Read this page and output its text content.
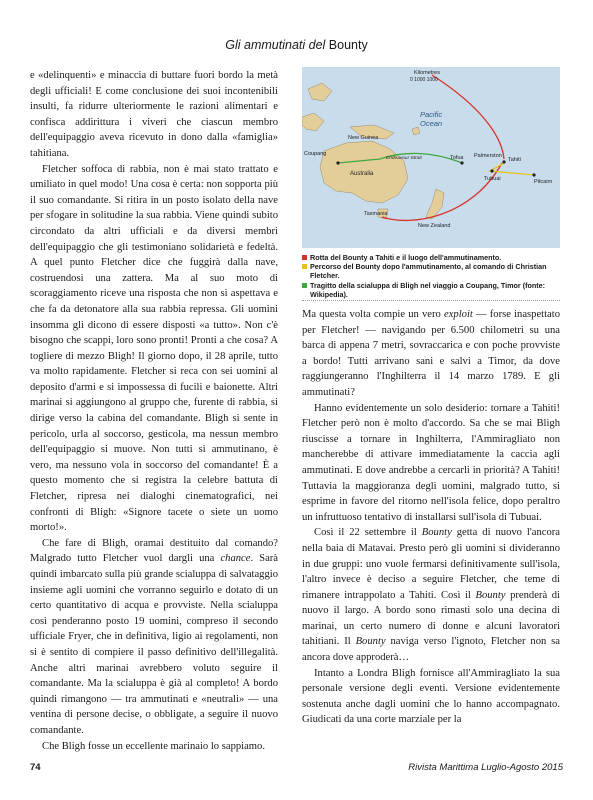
Gli ammutinati del Bounty

e «delinquenti» e minaccia di buttare fuori bordo la metà degli ufficiali! E come conclusione dei suoi incontenibili insulti, fa ridurre ulteriormente le razioni alimentari e confisca addirittura i viveri che ciascun membro dell'equipaggio aveva ricevuto in dono dalla «famiglia» tahitiana.

Fletcher soffoca di rabbia, non è mai stato trattato e umiliato in quel modo! Una cosa è certa: non sopporta più il suo comandante. Si ritira in un posto isolato della nave per sfogare in solitudine la sua rabbia. Viene quindi subito circondato da altri ufficiali e da diversi membri dell'equipaggio che gli testimoniano solidarietà e fedeltà. A quel punto Fletcher dice che fuggirà dalla nave, costruendosi una zattera. Ma al suo moto di scoraggiamento riceve una risposta che non si aspettava e che fa da detonatore alla sua rabbia repressa. Gli uomini insomma gli dicono di essere disposti «a tutto». Non c'è bisogno che scappi, loro sono pronti! Pronti a che cosa? A togliere di mezzo Bligh! Il giorno dopo, il 28 aprile, tutto va molto rapidamente. Fletcher si reca con sei uomini al deposito d'armi e si impossessa di fucili e baionette. Altri marinai si aggiungono al gruppo che, furente di rabbia, si dirige verso la cabina del comandante. Bligh si sente in pericolo, urla al soccorso, gesticola, ma nessun membro dell'equipaggio si muove. Non tutti si ammutinano, è vero, ma nessuno vola in soccorso del comandante! È a questo momento che si registra la celebre battuta di Fletcher, ripresa nei dialoghi cinematografici, nei confronti di Bligh: «Signore tacete o siete un uomo morto!».

Che fare di Bligh, oramai destituito dal comando? Malgrado tutto Fletcher vuol dargli una chance. Sarà quindi imbarcato sulla più grande scialuppa di salvataggio insieme agli uomini che vorranno seguirlo e dotato di un certo quantitativo di acqua e provviste. Nella scialuppa così penderanno posto 19 uomini, compreso il secondo ufficiale Fryer, che in definitiva, ligio ai regolamenti, non si è sentito di compiere il passo definitivo dell'illegalità. Anche altri marinai avrebbero voluto seguire il comandante. Ma la scialuppa è già al completo! A bordo quindi rimangono — tra ammutinati e «neutrali» — una ventina di persone decise, o obbligate, a seguire il nuovo comandante.

Che Bligh fosse un eccellente marinaio lo sappiamo.

Kilometres
0 1000 1000
Pacific
Ocean
New Guinea
Coupang
Australia
Endeavour Strait	Tofua Palmerston
Tahiti
Tubuai	Pitcairn
Tasmania
New Zealand
Rotta del Bounty a Tahiti e il luogo dell'ammutinamento.
Percorso del Bounty dopo l'ammutinamento, al comando di Christian Fletcher.
Tragitto della scialuppa di Bligh nel viaggio a Coupang, Timor (fonte: Wikipedia).

Ma questa volta compie un vero exploit — forse inaspettato per Fletcher! — navigando per 6.500 chilometri su una barca di appena 7 metri, sovraccarica e con poche provviste a bordo! Tutti arrivano sani e salvi a Timor, da dove raggiungeranno l'Inghilterra il 14 marzo 1789. E gli ammutinati?

Hanno evidentemente un solo desiderio: tornare a Tahiti! Fletcher però non è molto d'accordo. Sa che se mai Bligh riuscisse a tornare in Inghilterra, l'Ammiragliato non mancherebbe di attivare immediatamente la caccia agli ammutinati. E dove andrebbe a cercarli in priorità? A Tahiti! Tuttavia la maggioranza degli uomini, malgrado tutto, si esprime in favore del ritorno nell'isola felice, dopo peraltro un infruttuoso tentativo di installarsi sull'isola di Tubuai.

Così il 22 settembre il Bounty getta di nuovo l'ancora nella baia di Matavai. Presto però gli uomini si divideranno in due gruppi: uno vuole fermarsi definitivamente sull'isola, l'altro invece è deciso a seguire Fletcher, che teme di rimanere intrappolato a Tahiti. Così il Bounty prenderà di nuovo il largo. A bordo sono rimasti solo una decina di marinai, un certo numero di donne e alcuni lavoratori tahitiani. Il Bounty naviga verso l'ignoto, Fletcher non sa ancora dove approderà…

Intanto a Londra Bligh fornisce all'Ammiragliato la sua personale versione degli eventi. Versione evidentemente sostenuta anche dagli uomini che lo hanno accompagnato. Giudicati da una corte marziale per la

74	Rivista Marittima Luglio-Agosto 2015
